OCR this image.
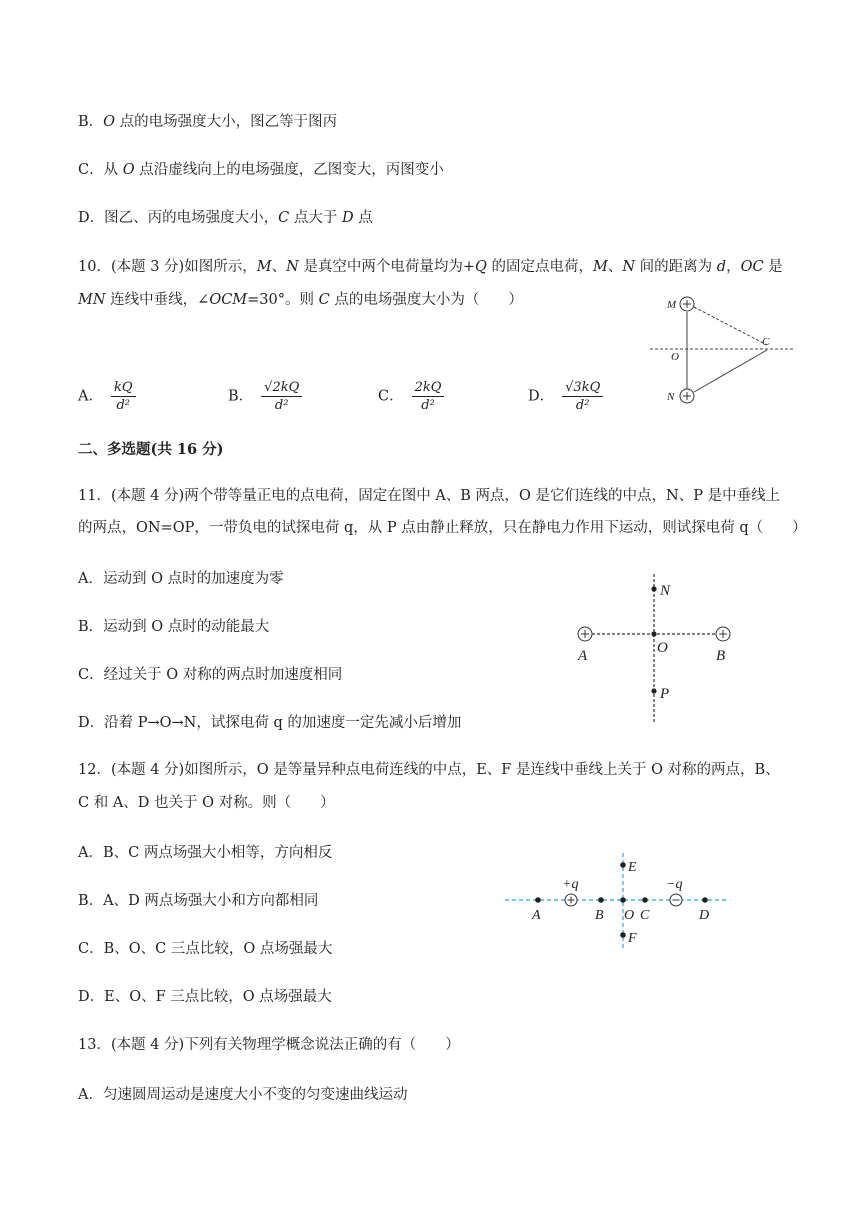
B．O 点的电场强度大小，图乙等于图丙
C．从 O 点沿虚线向上的电场强度，乙图变大，丙图变小
D．图乙、丙的电场强度大小，C 点大于 D 点
10．(本题 3 分)如图所示，M、N 是真空中两个电荷量均为+Q 的固定点电荷，M、N 间的距离为 d，OC 是
MN 连线中垂线，∠OCM=30°。则 C 点的电场强度大小为（　　）
A． $\frac{kQ}{\text{d²}}$	B． $\frac{√2kQ}{\text{d²}}$	C． $\frac{2kQ}{\text{d²}}$	D． $\frac{√3kQ}{\text{d²}}$
M
N
O
C
二、多选题(共 16 分)
11．(本题 4 分)两个带等量正电的点电荷，固定在图中 A、B 两点，O 是它们连线的中点，N、P 是中垂线上
的两点，ON=OP，一带负电的试探电荷 q，从 P 点由静止释放，只在静电力作用下运动，则试探电荷 q（　　）
A．运动到 O 点时的加速度为零
B．运动到 O 点时的动能最大
C．经过关于 O 对称的两点时加速度相同
D．沿着 P→O→N，试探电荷 q 的加速度一定先减小后增加
N
O
A	B
P
12．(本题 4 分)如图所示，O 是等量异种点电荷连线的中点，E、F 是连线中垂线上关于 O 对称的两点，B、
C 和 A、D 也关于 O 对称。则（　　）
A．B、C 两点场强大小相等，方向相反
B．A、D 两点场强大小和方向都相同
C．B、O、C 三点比较，O 点场强最大
D．E、O、F 三点比较，O 点场强最大
+q	−q
E
F
A	B O C	D
13．(本题 4 分)下列有关物理学概念说法正确的有（　　）
A．匀速圆周运动是速度大小不变的匀变速曲线运动
